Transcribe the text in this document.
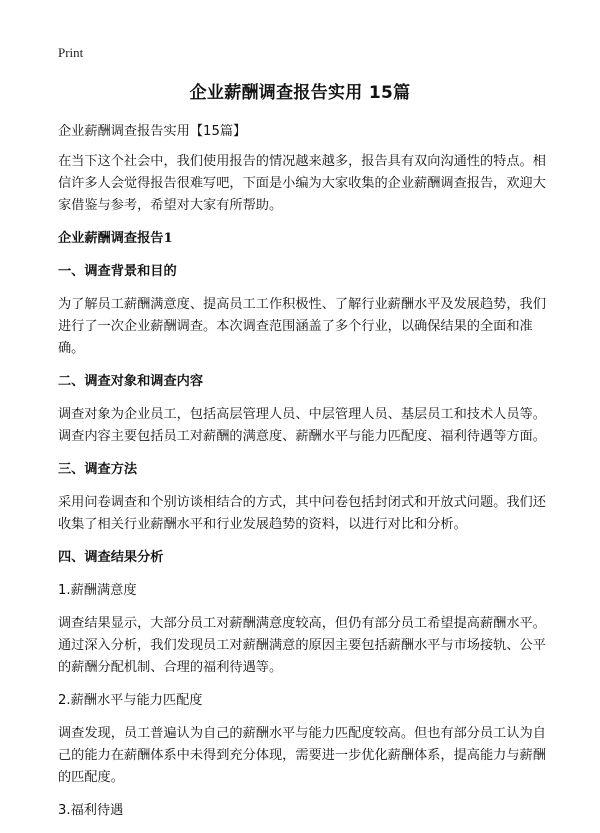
Print
企业薪酬调查报告实用 15篇

企业薪酬调查报告实用【15篇】

在当下这个社会中，我们使用报告的情况越来越多，报告具有双向沟通性的特点。相信许多人会觉得报告很难写吧，下面是小编为大家收集的企业薪酬调查报告，欢迎大家借鉴与参考，希望对大家有所帮助。

企业薪酬调查报告1

一、调查背景和目的

为了解员工薪酬满意度、提高员工工作积极性、了解行业薪酬水平及发展趋势，我们进行了一次企业薪酬调查。本次调查范围涵盖了多个行业，以确保结果的全面和准确。

二、调查对象和调查内容

调查对象为企业员工，包括高层管理人员、中层管理人员、基层员工和技术人员等。调查内容主要包括员工对薪酬的满意度、薪酬水平与能力匹配度、福利待遇等方面。

三、调查方法

采用问卷调查和个别访谈相结合的方式，其中问卷包括封闭式和开放式问题。我们还收集了相关行业薪酬水平和行业发展趋势的资料，以进行对比和分析。

四、调查结果分析

1.薪酬满意度

调查结果显示，大部分员工对薪酬满意度较高，但仍有部分员工希望提高薪酬水平。通过深入分析，我们发现员工对薪酬满意的原因主要包括薪酬水平与市场接轨、公平的薪酬分配机制、合理的福利待遇等。

2.薪酬水平与能力匹配度

调查发现，员工普遍认为自己的薪酬水平与能力匹配度较高。但也有部分员工认为自己的能力在薪酬体系中未得到充分体现，需要进一步优化薪酬体系，提高能力与薪酬的匹配度。

3.福利待遇
